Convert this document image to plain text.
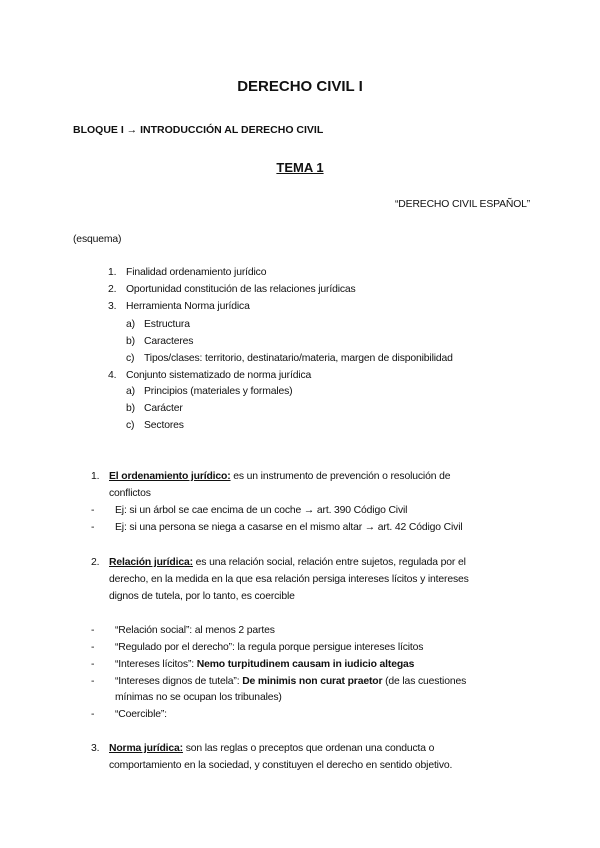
DERECHO CIVIL I
BLOQUE I → INTRODUCCIÓN AL DERECHO CIVIL
TEMA 1
“DERECHO CIVIL ESPAÑOL”
(esquema)
1. Finalidad ordenamiento jurídico
2. Oportunidad constitución de las relaciones jurídicas
3. Herramienta Norma jurídica
a) Estructura
b) Caracteres
c) Tipos/clases: territorio, destinatario/materia, margen de disponibilidad
4. Conjunto sistematizado de norma jurídica
a) Principios (materiales y formales)
b) Carácter
c) Sectores
1. El ordenamiento jurídico: es un instrumento de prevención o resolución de
conflictos
- Ej: si un árbol se cae encima de un coche → art. 390 Código Civil
- Ej: si una persona se niega a casarse en el mismo altar → art. 42 Código Civil
2. Relación jurídica: es una relación social, relación entre sujetos, regulada por el
derecho, en la medida en la que esa relación persiga intereses lícitos y intereses
dignos de tutela, por lo tanto, es coercible
- “Relación social”: al menos 2 partes
- “Regulado por el derecho”: la regula porque persigue intereses lícitos
- “Intereses lícitos”: Nemo turpitudinem causam in iudicio altegas
- “Intereses dignos de tutela”: De minimis non curat praetor (de las cuestiones
mínimas no se ocupan los tribunales)
- “Coercible”:
3. Norma jurídica: son las reglas o preceptos que ordenan una conducta o
comportamiento en la sociedad, y constituyen el derecho en sentido objetivo.
